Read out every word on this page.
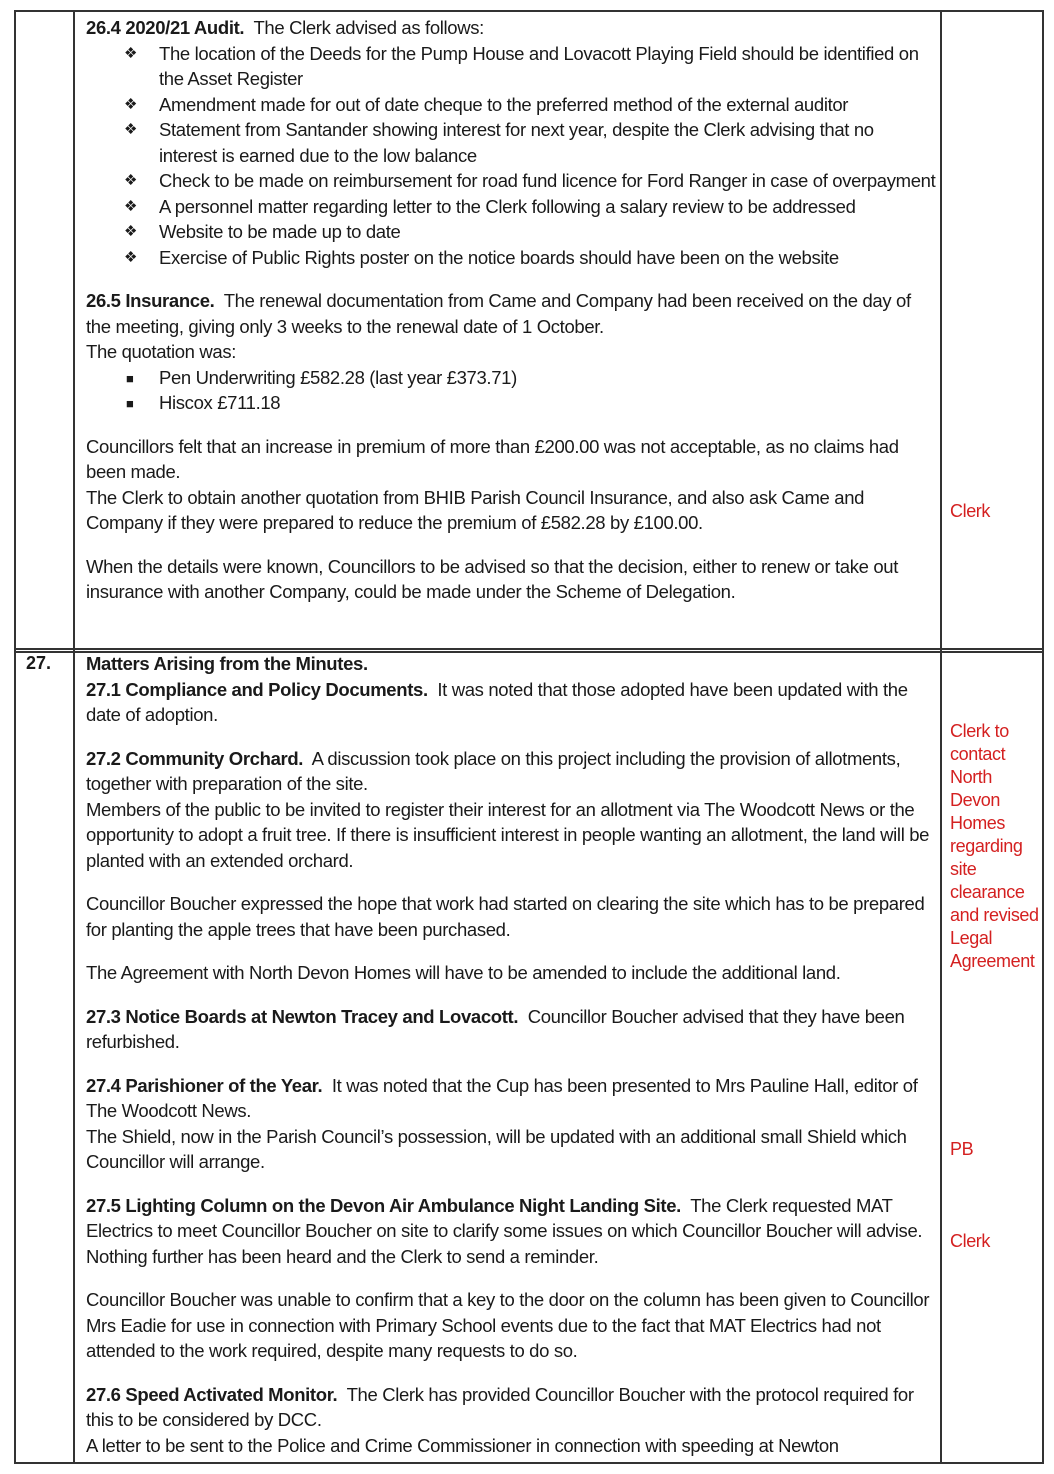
26.4 2020/21 Audit. The Clerk advised as follows:

❖ The location of the Deeds for the Pump House and Lovacott Playing Field should be identified on the Asset Register
❖ Amendment made for out of date cheque to the preferred method of the external auditor
❖ Statement from Santander showing interest for next year, despite the Clerk advising that no interest is earned due to the low balance
❖ Check to be made on reimbursement for road fund licence for Ford Ranger in case of overpayment
❖ A personnel matter regarding letter to the Clerk following a salary review to be addressed
❖ Website to be made up to date
❖ Exercise of Public Rights poster on the notice boards should have been on the website

26.5 Insurance. The renewal documentation from Came and Company had been received on the day of the meeting, giving only 3 weeks to the renewal date of 1 October.

The quotation was:

■ Pen Underwriting £582.28 (last year £373.71)
■ Hiscox £711.18

Councillors felt that an increase in premium of more than £200.00 was not acceptable, as no claims had been made.

The Clerk to obtain another quotation from BHIB Parish Council Insurance, and also ask Came and Company if they were prepared to reduce the premium of £582.28 by £100.00.

When the details were known, Councillors to be advised so that the decision, either to renew or take out insurance with another Company, could be made under the Scheme of Delegation.

Clerk
27. Matters Arising from the Minutes.

27.1 Compliance and Policy Documents. It was noted that those adopted have been updated with the date of adoption.

27.2 Community Orchard. A discussion took place on this project including the provision of allotments, together with preparation of the site.

Members of the public to be invited to register their interest for an allotment via The Woodcott News or the opportunity to adopt a fruit tree. If there is insufficient interest in people wanting an allotment, the land will be planted with an extended orchard.

Councillor Boucher expressed the hope that work had started on clearing the site which has to be prepared for planting the apple trees that have been purchased.

The Agreement with North Devon Homes will have to be amended to include the additional land.

27.3 Notice Boards at Newton Tracey and Lovacott. Councillor Boucher advised that they have been refurbished.

27.4 Parishioner of the Year. It was noted that the Cup has been presented to Mrs Pauline Hall, editor of The Woodcott News.

The Shield, now in the Parish Council’s possession, will be updated with an additional small Shield which Councillor will arrange.

27.5 Lighting Column on the Devon Air Ambulance Night Landing Site. The Clerk requested MAT Electrics to meet Councillor Boucher on site to clarify some issues on which Councillor Boucher will advise. Nothing further has been heard and the Clerk to send a reminder.

Councillor Boucher was unable to confirm that a key to the door on the column has been given to Councillor Mrs Eadie for use in connection with Primary School events due to the fact that MAT Electrics had not attended to the work required, despite many requests to do so.

27.6 Speed Activated Monitor. The Clerk has provided Councillor Boucher with the protocol required for this to be considered by DCC.

A letter to be sent to the Police and Crime Commissioner in connection with speeding at Newton

Clerk to contact North Devon Homes regarding site clearance and revised Legal Agreement
PB
Clerk
